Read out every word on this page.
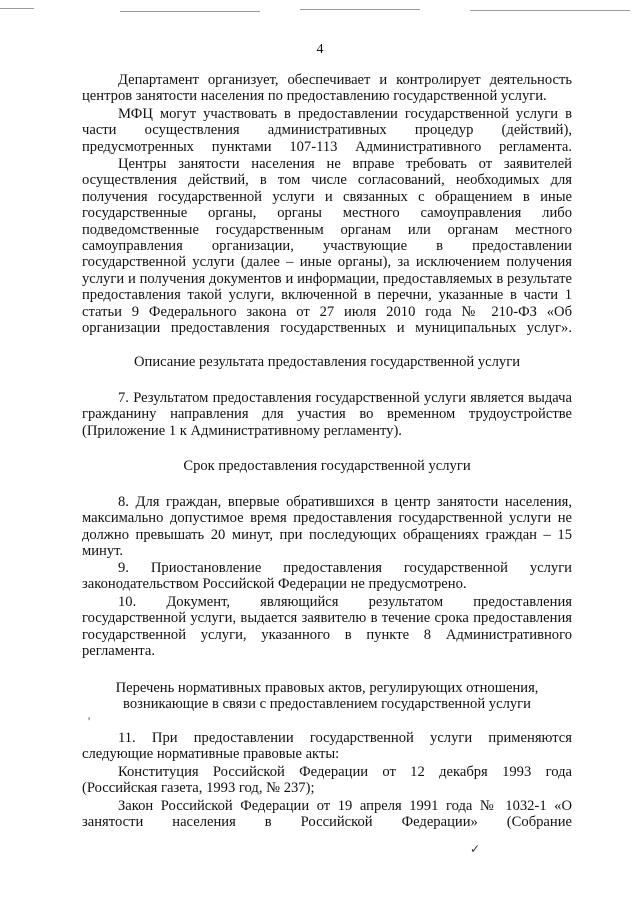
4
Департамент организует, обеспечивает и контролирует деятельность центров занятости населения по предоставлению государственной услуги.
МФЦ могут участвовать в предоставлении государственной услуги в части осуществления административных процедур (действий), предусмотренных пунктами 107-113 Административного регламента.
Центры занятости населения не вправе требовать от заявителей осуществления действий, в том числе согласований, необходимых для получения государственной услуги и связанных с обращением в иные государственные органы, органы местного самоуправления либо подведомственные государственным органам или органам местного самоуправления организации, участвующие в предоставлении государственной услуги (далее – иные органы), за исключением получения услуги и получения документов и информации, предоставляемых в результате предоставления такой услуги, включенной в перечни, указанные в части 1 статьи 9 Федерального закона от 27 июля 2010 года № 210-ФЗ «Об организации предоставления государственных и муниципальных услуг».
Описание результата предоставления государственной услуги
7. Результатом предоставления государственной услуги является выдача гражданину направления для участия во временном трудоустройстве (Приложение 1 к Административному регламенту).
Срок предоставления государственной услуги
8. Для граждан, впервые обратившихся в центр занятости населения, максимально допустимое время предоставления государственной услуги не должно превышать 20 минут, при последующих обращениях граждан – 15 минут.
9. Приостановление предоставления государственной услуги законодательством Российской Федерации не предусмотрено.
10. Документ, являющийся результатом предоставления государственной услуги, выдается заявителю в течение срока предоставления государственной услуги, указанного в пункте 8 Административного регламента.
Перечень нормативных правовых актов, регулирующих отношения,
возникающие в связи с предоставлением государственной услуги
11. При предоставлении государственной услуги применяются следующие нормативные правовые акты:
Конституция Российской Федерации от 12 декабря 1993 года (Российская газета, 1993 год, № 237);
Закон Российской Федерации от 19 апреля 1991 года № 1032-1 «О занятости населения в Российской Федерации» (Собрание
'
✓
